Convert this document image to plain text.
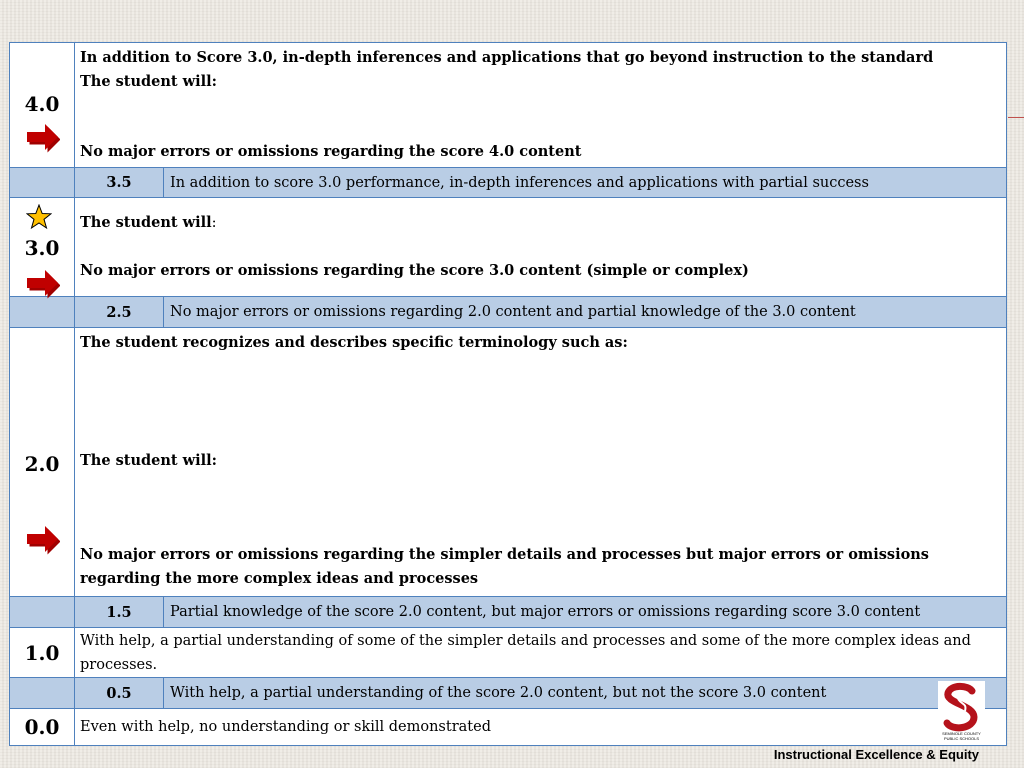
4.0	In addition to Score 3.0, in-depth inferences and applications that go beyond instruction to the standard
The student will:
No major errors or omissions regarding the score 4.0 content	

	3.5	In addition to score 3.0 performance, in-depth inferences and applications with partial success

3.0	The student will:
No major errors or omissions regarding the score 3.0 content (simple or complex)	

	2.5	No major errors or omissions regarding 2.0 content and partial knowledge of the 3.0 content

2.0	The student recognizes and describes specific terminology such as:
The student will:
No major errors or omissions regarding the simpler details and processes but major errors or omissions regarding the more complex ideas and processes	

	1.5	Partial knowledge of the score 2.0 content, but major errors or omissions regarding score 3.0 content

1.0	With help, a partial understanding of some of the simpler details and processes and some of the more complex ideas and processes.	
	0.5	With help, a partial understanding of the score 2.0 content, but not the score 3.0 content

0.0	Even with help, no understanding or skill demonstrated		SEMINOLE COUNTY
PUBLIC SCHOOLS
Instructional Excellence & Equity
